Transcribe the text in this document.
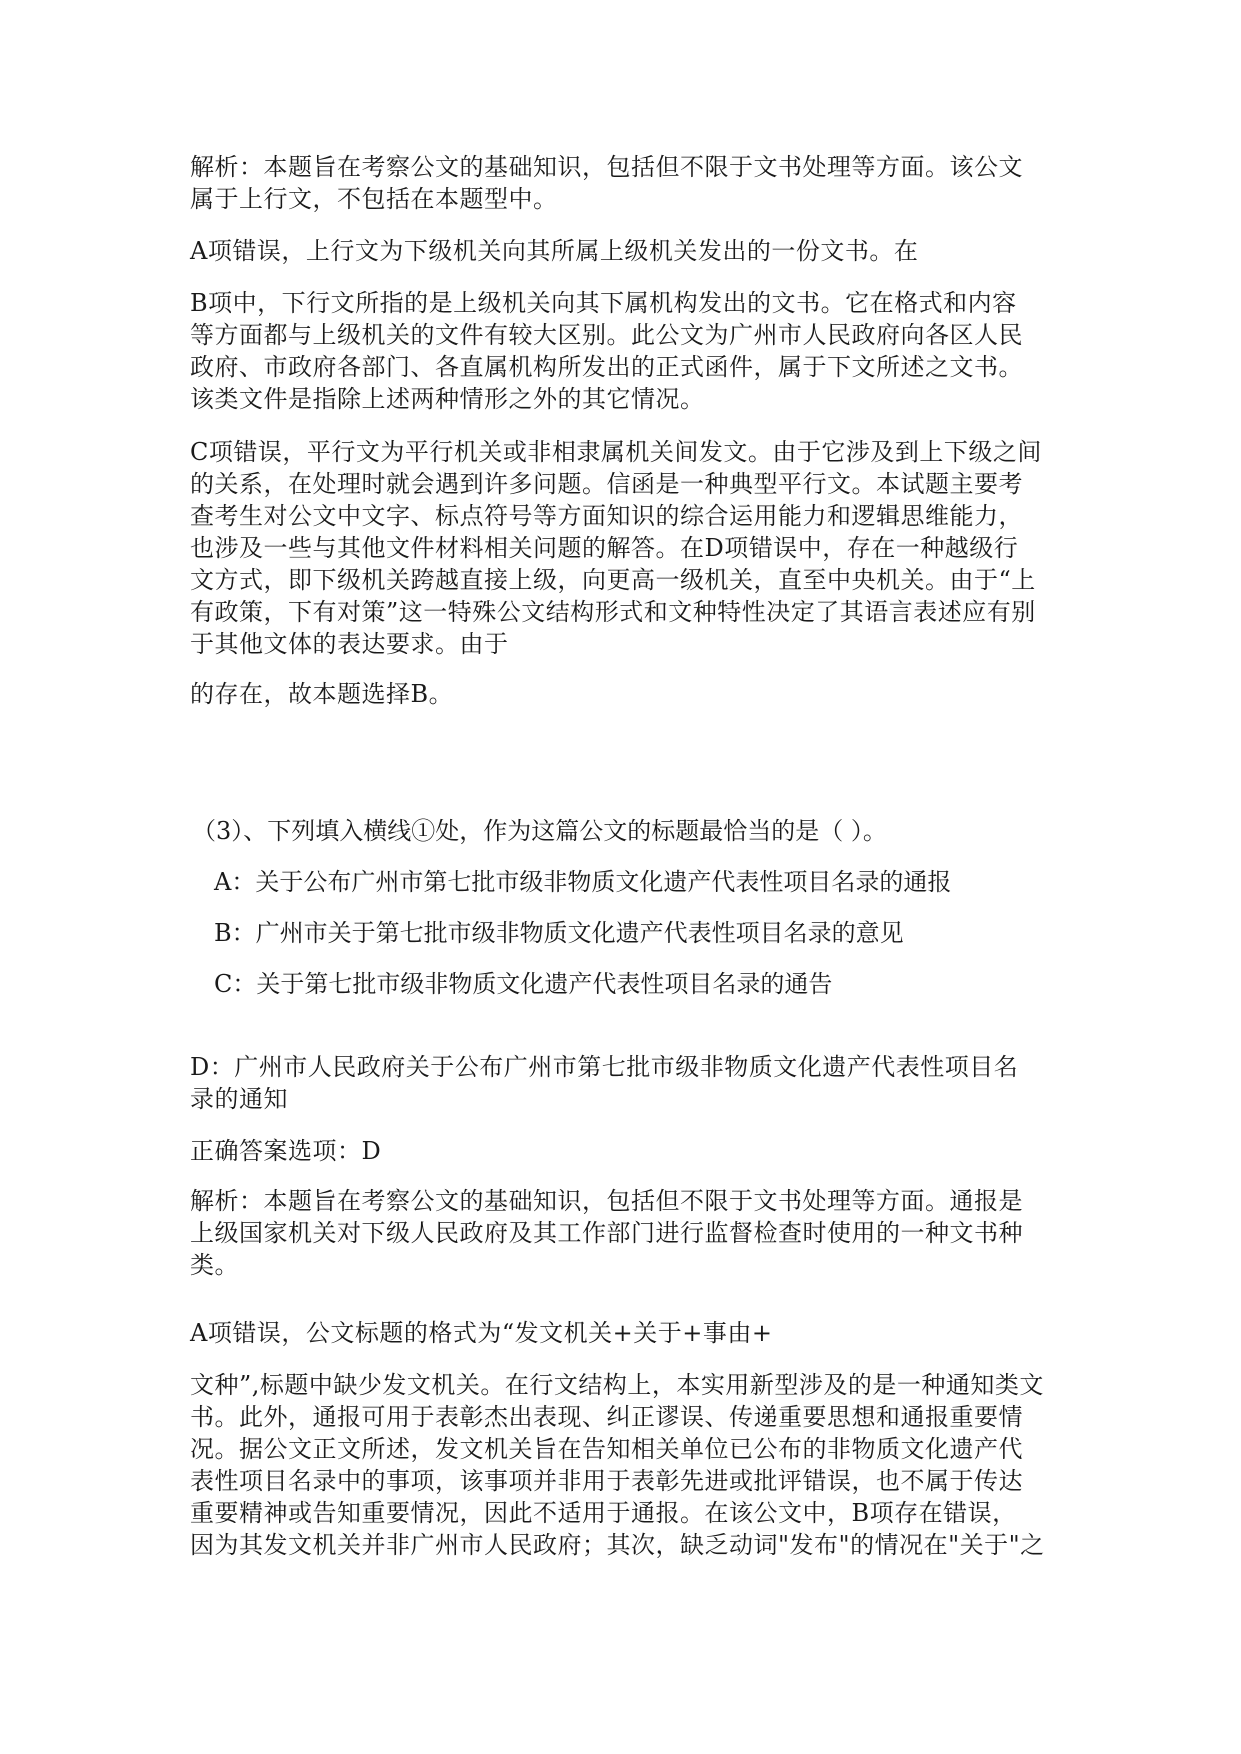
解析：本题旨在考察公文的基础知识，包括但不限于文书处理等方面。该公文
属于上行文，不包括在本题型中。
A项错误，上行文为下级机关向其所属上级机关发出的一份文书。在
B项中，下行文所指的是上级机关向其下属机构发出的文书。它在格式和内容
等方面都与上级机关的文件有较大区别。此公文为广州市人民政府向各区人民
政府、市政府各部门、各直属机构所发出的正式函件，属于下文所述之文书。
该类文件是指除上述两种情形之外的其它情况。
C项错误，平行文为平行机关或非相隶属机关间发文。由于它涉及到上下级之间
的关系，在处理时就会遇到许多问题。信函是一种典型平行文。本试题主要考
查考生对公文中文字、标点符号等方面知识的综合运用能力和逻辑思维能力，
也涉及一些与其他文件材料相关问题的解答。在D项错误中，存在一种越级行
文方式，即下级机关跨越直接上级，向更高一级机关，直至中央机关。由于“上
有政策，下有对策”这一特殊公文结构形式和文种特性决定了其语言表述应有别
于其他文体的表达要求。由于
的存在，故本题选择B。
（3）、下列填入横线①处，作为这篇公文的标题最恰当的是（ ）。
A：关于公布广州市第七批市级非物质文化遗产代表性项目名录的通报
B：广州市关于第七批市级非物质文化遗产代表性项目名录的意见
C：关于第七批市级非物质文化遗产代表性项目名录的通告
D：广州市人民政府关于公布广州市第七批市级非物质文化遗产代表性项目名
录的通知
正确答案选项：D
解析：本题旨在考察公文的基础知识，包括但不限于文书处理等方面。通报是
上级国家机关对下级人民政府及其工作部门进行监督检查时使用的一种文书种
类。
A项错误，公文标题的格式为“发文机关+关于+事由+
文种”,标题中缺少发文机关。在行文结构上，本实用新型涉及的是一种通知类文
书。此外，通报可用于表彰杰出表现、纠正谬误、传递重要思想和通报重要情
况。据公文正文所述，发文机关旨在告知相关单位已公布的非物质文化遗产代
表性项目名录中的事项，该事项并非用于表彰先进或批评错误，也不属于传达
重要精神或告知重要情况，因此不适用于通报。在该公文中，B项存在错误，
因为其发文机关并非广州市人民政府；其次，缺乏动词"发布"的情况在"关于"之
